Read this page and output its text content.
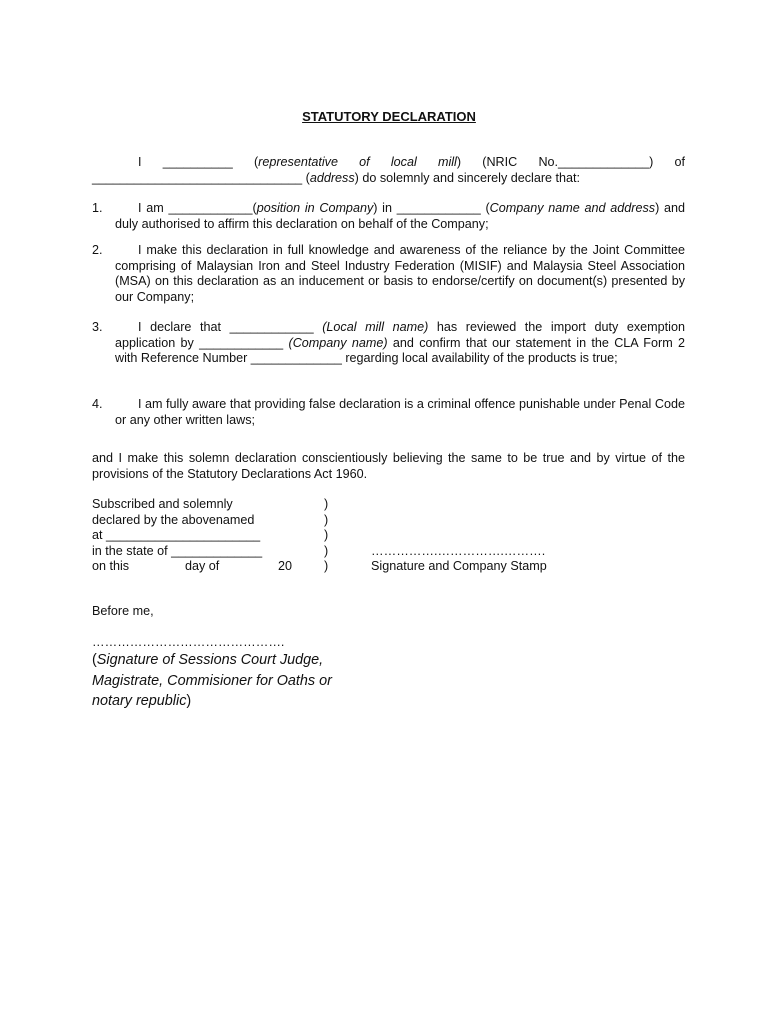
STATUTORY DECLARATION
I __________ (representative of local mill) (NRIC No._____________) of
______________________________ (address) do solemnly and sincerely declare that:
1.	I am ____________(position in Company) in ____________ (Company name and address) and duly authorised to affirm this declaration on behalf of the Company;
2.	I make this declaration in full knowledge and awareness of the reliance by the Joint Committee comprising of Malaysian Iron and Steel Industry Federation (MISIF) and Malaysia Steel Association (MSA) on this declaration as an inducement or basis to endorse/certify on document(s) presented by our Company;
3.	I declare that ____________ (Local mill name) has reviewed the import duty exemption application by ____________ (Company name) and confirm that our statement in the CLA Form 2 with Reference Number _____________ regarding local availability of the products is true;
4.	I am fully aware that providing false declaration is a criminal offence punishable under Penal Code or any other written laws;
and I make this solemn declaration conscientiously believing the same to be true and by virtue of the provisions of the Statutory Declarations Act 1960.
Subscribed and solemnly	)
declared by the abovenamed	)
at ______________________	)
in the state of _____________	)	…………….…………….……….
on this	day of	20	)	Signature and Company Stamp
Before me,
……………………………………….
(Signature of Sessions Court Judge,
Magistrate, Commisioner for Oaths or
notary republic)
